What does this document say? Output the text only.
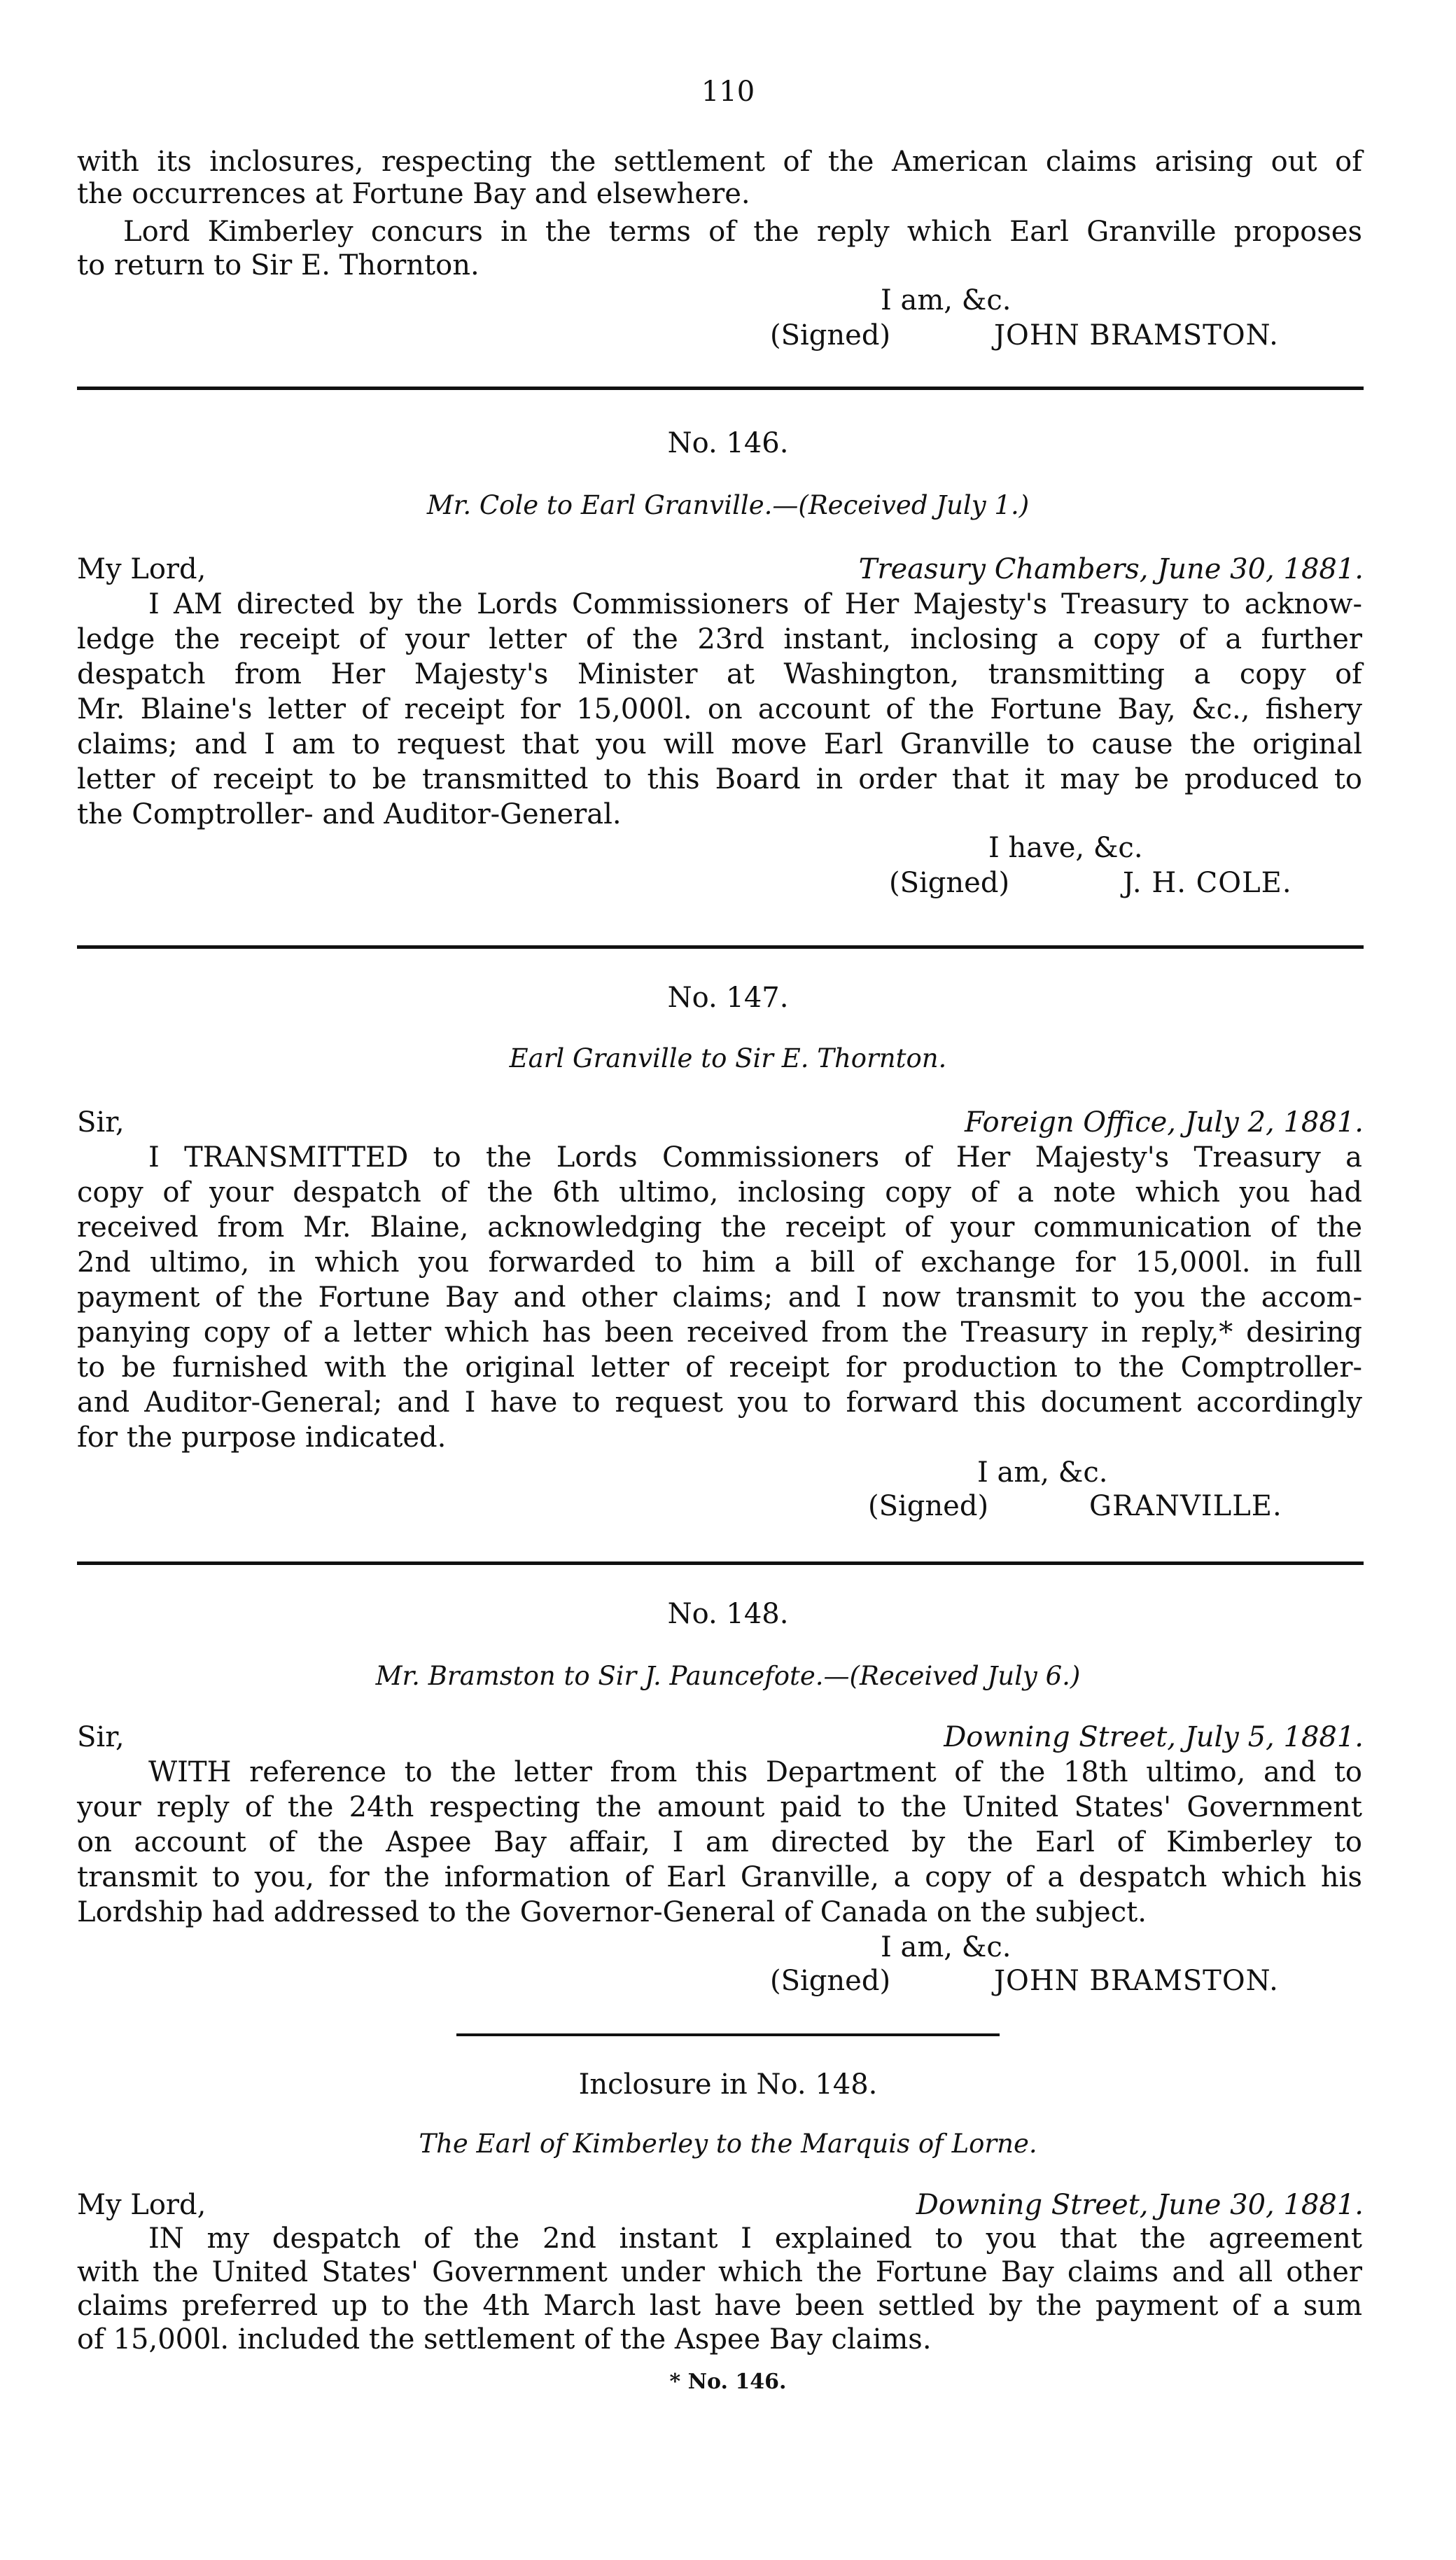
110
with its inclosures, respecting the settlement of the American claims arising out of
the occurrences at Fortune Bay and elsewhere.
Lord Kimberley concurs in the terms of the reply which Earl Granville proposes
to return to Sir E. Thornton.
I am, &c.
(Signed)	JOHN BRAMSTON.
No. 146.
Mr. Cole to Earl Granville.—(Received July 1.)
My Lord,	Treasury Chambers, June 30, 1881.
I AM directed by the Lords Commissioners of Her Majesty's Treasury to acknow-
ledge the receipt of your letter of the 23rd instant, inclosing a copy of a further
despatch from Her Majesty's Minister at Washington, transmitting a copy of
Mr. Blaine's letter of receipt for 15,000l. on account of the Fortune Bay, &c., fishery
claims; and I am to request that you will move Earl Granville to cause the original
letter of receipt to be transmitted to this Board in order that it may be produced to
the Comptroller- and Auditor-General.
I have, &c.
(Signed)	J. H. COLE.
No. 147.
Earl Granville to Sir E. Thornton.
Sir,	Foreign Office, July 2, 1881.
I TRANSMITTED to the Lords Commissioners of Her Majesty's Treasury a
copy of your despatch of the 6th ultimo, inclosing copy of a note which you had
received from Mr. Blaine, acknowledging the receipt of your communication of the
2nd ultimo, in which you forwarded to him a bill of exchange for 15,000l. in full
payment of the Fortune Bay and other claims; and I now transmit to you the accom-
panying copy of a letter which has been received from the Treasury in reply,* desiring
to be furnished with the original letter of receipt for production to the Comptroller-
and Auditor-General; and I have to request you to forward this document accordingly
for the purpose indicated.
I am, &c.
(Signed)	GRANVILLE.
No. 148.
Mr. Bramston to Sir J. Pauncefote.—(Received July 6.)
Sir,	Downing Street, July 5, 1881.
WITH reference to the letter from this Department of the 18th ultimo, and to
your reply of the 24th respecting the amount paid to the United States' Government
on account of the Aspee Bay affair, I am directed by the Earl of Kimberley to
transmit to you, for the information of Earl Granville, a copy of a despatch which his
Lordship had addressed to the Governor-General of Canada on the subject.
I am, &c.
(Signed)	JOHN BRAMSTON.
Inclosure in No. 148.
The Earl of Kimberley to the Marquis of Lorne.
My Lord,	Downing Street, June 30, 1881.
IN my despatch of the 2nd instant I explained to you that the agreement
with the United States' Government under which the Fortune Bay claims and all other
claims preferred up to the 4th March last have been settled by the payment of a sum
of 15,000l. included the settlement of the Aspee Bay claims.
* No. 146.
